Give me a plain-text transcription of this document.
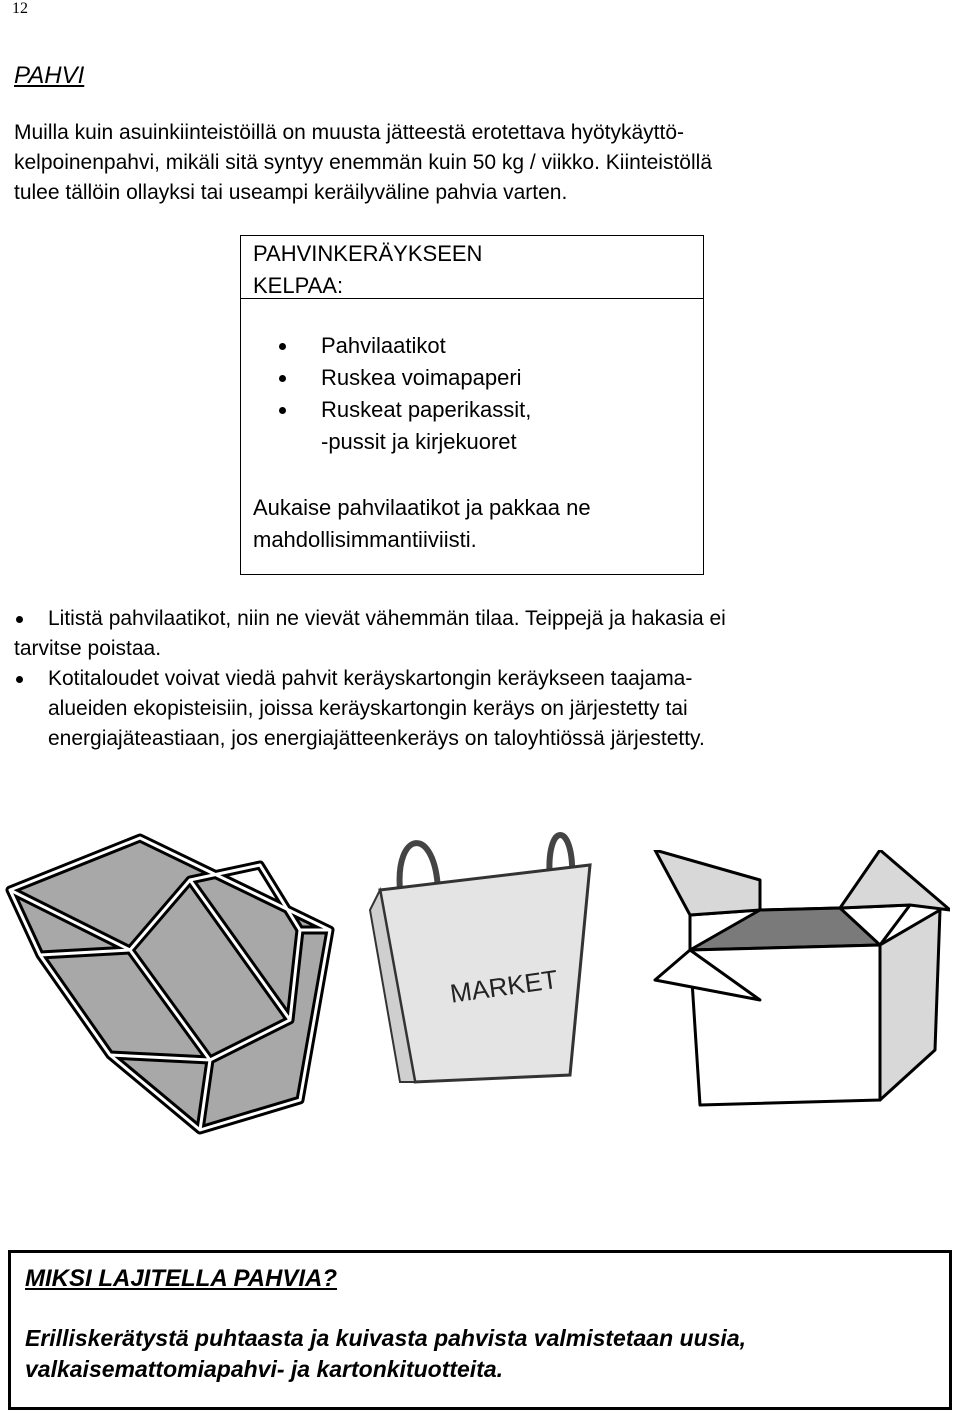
12
PAHVI
Muilla kuin asuinkiinteistöillä on muusta jätteestä erotettava hyötykäyttö-
kelpoinenpahvi, mikäli sitä syntyy enemmän kuin 50 kg / viikko. Kiinteistöllä
tulee tällöin ollayksi tai useampi keräilyväline pahvia varten.
PAHVINKERÄYKSEEN
KELPAA:
Pahvilaatikot
Ruskea voimapaperi
Ruskeat paperikassit,
-pussit ja kirjekuoret
Aukaise pahvilaatikot ja pakkaa ne
mahdollisimmantiiviisti.
Litistä pahvilaatikot, niin ne vievät vähemmän tilaa. Teippejä ja hakasia ei
tarvitse poistaa.
Kotitaloudet voivat viedä pahvit keräyskartongin keräykseen taajama-
alueiden ekopisteisiin, joissa keräyskartongin keräys on järjestetty tai
energiajäteastiaan, jos energiajätteenkeräys on taloyhtiössä järjestetty.
MARKET
MIKSI LAJITELLA PAHVIA?
Erilliskerätystä puhtaasta ja kuivasta pahvista valmistetaan uusia,
valkaisemattomiapahvi- ja kartonkituotteita.
